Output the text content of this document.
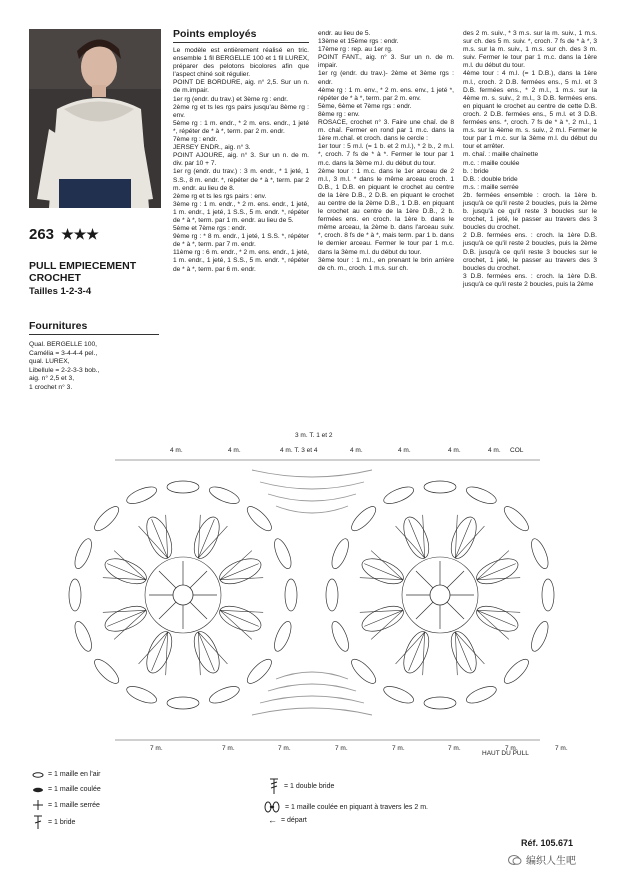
263 ★★★
PULL EMPIECEMENT
CROCHET
Tailles 1-2-3-4
Fournitures
Qual. BERGELLE 100,
Camélia = 3-4-4-4 pel.,
qual. LUREX,
Libellule = 2-2-3-3 bob.,
aig. n° 2,5 et 3,
1 crochet n° 3.
Points employés

Le modèle est entièrement réalisé en tric. ensemble 1 fil BERGELLE 100 et 1 fil LUREX, préparer des pelotons bicolores afin que l'aspect chiné soit régulier.

POINT DE BORDURE, aig. n° 2,5. Sur un n. de m.impair.

1er rg (endr. du trav.) et 3ème rg : endr.

2ème rg et ts les rgs pairs jusqu'au 8ème rg : env.

5ème rg : 1 m. endr., * 2 m. ens. endr., 1 jeté *, répéter de * à *, term. par 2 m. endr.

7ème rg : endr.

JERSEY ENDR., aig. n° 3.

POINT AJOURE, aig. n° 3. Sur un n. de m. div. par 10 + 7.

1er rg (endr. du trav.) : 3 m. endr., * 1 jeté, 1 S.S., 8 m. endr. *, répéter de * à *, term. par 2 m. endr. au lieu de 8.

2ème rg et ts les rgs pairs : env.

3ème rg : 1 m. endr., * 2 m. ens. endr., 1 jeté, 1 m. endr., 1 jeté, 1 S.S., 5 m. endr. *, répéter de * à *, term. par 1 m. endr. au lieu de 5.

5ème et 7ème rgs : endr.

9ème rg : * 8 m. endr., 1 jeté, 1 S.S. *, répéter de * à *, term. par 7 m. endr.

11ème rg : 6 m. endr., * 2 m. ens. endr., 1 jeté, 1 m. endr., 1 jeté, 1 S.S., 5 m. endr. *, répéter de * à *, term. par 6 m. endr.

endr. au lieu de 5.

13ème et 15ème rgs : endr.

17ème rg : rep. au 1er rg.

POINT FANT., aig. n° 3. Sur un n. de m. impair.

1er rg (endr. du trav.)- 2ème et 3ème rgs : endr.

4ème rg : 1 m. env., * 2 m. ens. env., 1 jeté *, répéter de * à *, term. par 2 m. env.

5ème, 6ème et 7ème rgs : endr.

8ème rg : env.

ROSACE, crochet n° 3. Faire une chaî. de 8 m. chaî. Fermer en rond par 1 m.c. dans la 1ère m.chaî. et croch. dans le cercle :

1er tour : 5 m.l. (= 1 b. et 2 m.l.), * 2 b., 2 m.l. *, croch. 7 fs de * à *. Fermer le tour par 1 m.c. dans la 3ème m.l. du début du tour.

2ème tour : 1 m.c. dans le 1er arceau de 2 m.l., 3 m.l. * dans le même arceau croch. 1 D.B., 1 D.B. en piquant le crochet au centre de la 1ère D.B., 2 D.B. en piquant le crochet au centre de la 2ème D.B., 1 D.B. en piquant le crochet au centre de la 1ère D.B., 2 b. fermées ens. en croch. la 1ère b. dans le même arceau, la 2ème b. dans l'arceau suiv. *, croch. 8 fs de * à *, mais term. par 1 b. dans le dernier arceau. Fermer le tour par 1 m.c. dans la 3ème m.l. du début du tour.

3ème tour : 1 m.l., en prenant le brin arrière de ch. m., croch. 1 m.s. sur ch.

des 2 m. suiv., * 3 m.s. sur la m. suiv., 1 m.s. sur ch. des 5 m. suiv. *, croch. 7 fs de * à *, 3 m.s. sur la m. suiv., 1 m.s. sur ch. des 3 m. suiv. Fermer le tour par 1 m.c. dans la 1ère m.l. du début du tour.

4ème tour : 4 m.l. (= 1 D.B.), dans la 1ère m.l., croch. 2 D.B. fermées ens., 5 m.l. et 3 D.B. fermées ens., * 2 m.l., 1 m.s. sur la 4ème m. s. suiv., 2 m.l., 3 D.B. fermées ens. en piquant le crochet au centre de cette D.B. croch. 2 D.B. fermées ens., 5 m.l. et 3 D.B. fermées ens. *, croch. 7 fs de * à *, 2 m.l., 1 m.s. sur la 4ème m. s. suiv., 2 m.l. Fermer le tour par 1 m.c. sur la 3ème m.l. du début du tour et arrêter.

m. chaî. : maille chaînette

m.c. : maille coulée

b. : bride

D.B. : double bride

m.s. : maille serrée

2b. fermées ensemble : croch. la 1ère b. jusqu'à ce qu'il reste 2 boucles, puis la 2ème b. jusqu'à ce qu'il reste 3 boucles sur le crochet, 1 jeté, le passer au travers des 3 boucles du crochet.

2 D.B. fermées ens. : croch. la 1ère D.B. jusqu'à ce qu'il reste 2 boucles, puis la 2ème D.B. jusqu'à ce qu'il reste 3 boucles sur le crochet, 1 jeté, le passer au travers des 3 boucles du crochet.

3 D.B. fermées ens. : croch. la 1ère D.B. jusqu'à ce qu'il reste 2 boucles, puis la 2ème

3 m. T. 1 et 2
4 m. T. 3 et 4
4 m.	4 m.	4 m.	4 m.	4 m.	4 m. COL
HAUT DU PULL
7 m.	7 m.	7 m.	7 m.	7 m.	7 m.	7 m.	7 m.
= 1 maille en l'air
= 1 maille coulée
= 1 maille serrée
= 1 bride
= 1 double bride
= 1 maille coulée en piquant à travers les 2 m.
← = départ
Réf. 105.671
编织人生吧
